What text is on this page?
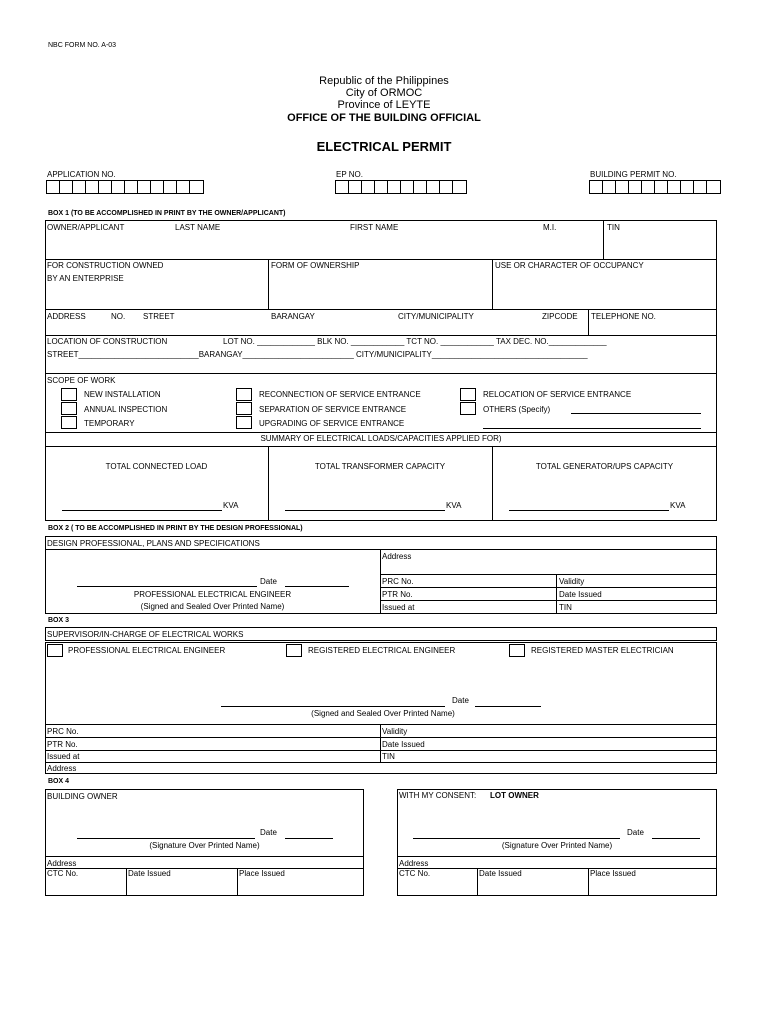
NBC FORM NO. A-03
Republic of the Philippines
City of ORMOC
Province of LEYTE
OFFICE OF THE BUILDING OFFICIAL
ELECTRICAL PERMIT
APPLICATION NO.	EP NO.	BUILDING PERMIT NO.
BOX 1 (TO BE ACCOMPLISHED IN PRINT BY THE OWNER/APPLICANT)
OWNER/APPLICANT	LAST NAME	FIRST NAME	M.I.	TIN
FOR CONSTRUCTION OWNED
BY AN ENTERPRISE
FORM OF OWNERSHIP	USE OR CHARACTER OF OCCUPANCY
ADDRESS	NO. STREET	BARANGAY	CITY/MUNICIPALITY	ZIPCODE TELEPHONE NO.
LOCATION OF CONSTRUCTION	LOT NO. _____________ BLK NO. ____________ TCT NO. ____________ TAX DEC. NO._____________
STREET___________________________BARANGAY_________________________ CITY/MUNICIPALITY___________________________________
SCOPE OF WORK
NEW INSTALLATION
ANNUAL INSPECTION
TEMPORARY
RECONNECTION OF SERVICE ENTRANCE
SEPARATION OF SERVICE ENTRANCE
UPGRADING OF SERVICE ENTRANCE
RELOCATION OF SERVICE ENTRANCE
OTHERS (Specify)
SUMMARY OF ELECTRICAL LOADS/CAPACITIES APPLIED FOR)
TOTAL CONNECTED LOAD	TOTAL TRANSFORMER CAPACITY	TOTAL GENERATOR/UPS CAPACITY
KVA	KVA	KVA
BOX 2 ( TO BE ACCOMPLISHED IN PRINT BY THE DESIGN PROFESSIONAL)
DESIGN PROFESSIONAL, PLANS AND SPECIFICATIONS
Address
PRC No.	Validity
PTR No.	Date Issued
Issued at	TIN
Date
PROFESSIONAL ELECTRICAL ENGINEER
(Signed and Sealed Over Printed Name)
BOX 3
SUPERVISOR/IN-CHARGE OF ELECTRICAL WORKS
PROFESSIONAL ELECTRICAL ENGINEER	REGISTERED ELECTRICAL ENGINEER	REGISTERED MASTER ELECTRICIAN
Date
(Signed and Sealed Over Printed Name)
PRC No.	Validity
PTR No.	Date Issued
Issued at	TIN
Address
BOX 4
BUILDING OWNER
Date
(Signature Over Printed Name)
Address
CTC No.	Date Issued	Place Issued
WITH MY CONSENT: LOT OWNER
Date
(Signature Over Printed Name)
Address
CTC No.	Date Issued	Place Issued
